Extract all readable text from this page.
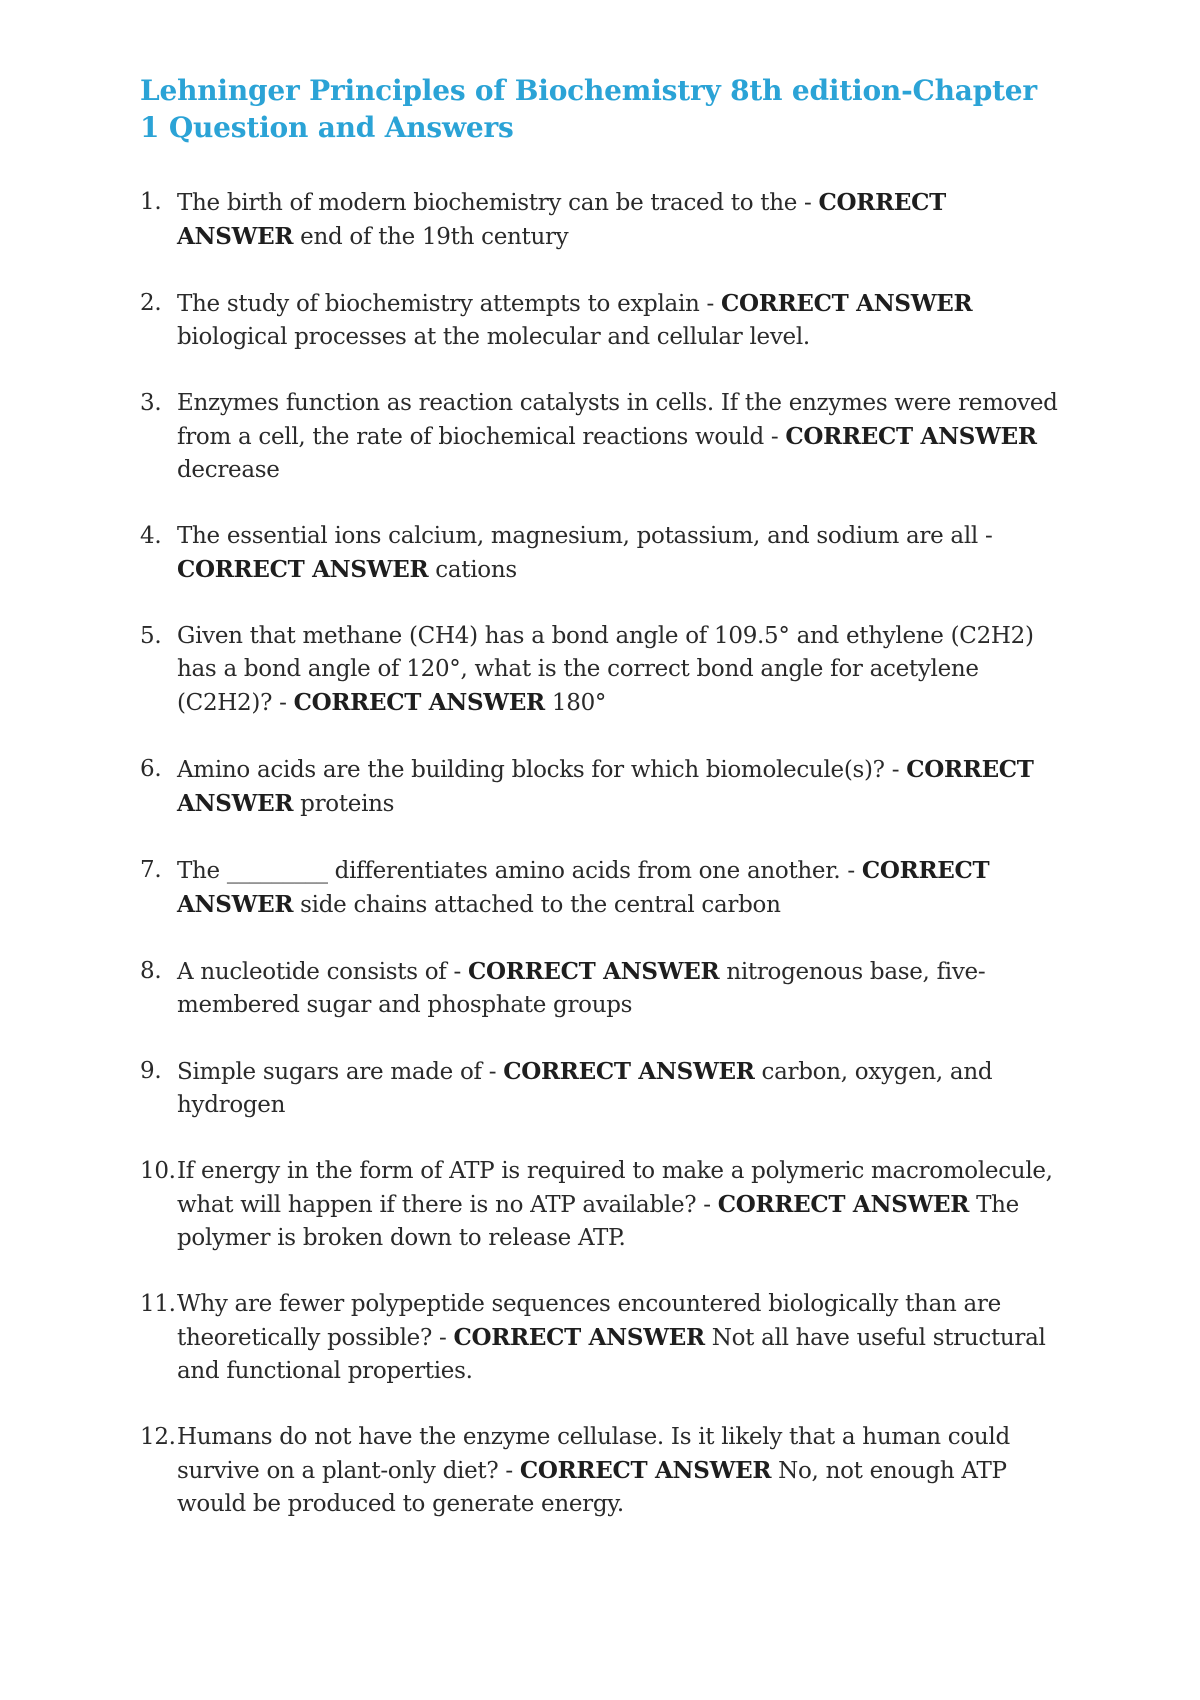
Lehninger Principles of Biochemistry 8th edition-Chapter 1 Question and Answers
1. The birth of modern biochemistry can be traced to the - CORRECT ANSWER end of the 19th century
2. The study of biochemistry attempts to explain - CORRECT ANSWER biological processes at the molecular and cellular level.
3. Enzymes function as reaction catalysts in cells. If the enzymes were removed from a cell, the rate of biochemical reactions would - CORRECT ANSWER decrease
4. The essential ions calcium, magnesium, potassium, and sodium are all - CORRECT ANSWER cations
5. Given that methane (CH4) has a bond angle of 109.5° and ethylene (C2H2) has a bond angle of 120°, what is the correct bond angle for acetylene (C2H2)? - CORRECT ANSWER 180°
6. Amino acids are the building blocks for which biomolecule(s)? - CORRECT ANSWER proteins
7. The _________ differentiates amino acids from one another. - CORRECT ANSWER side chains attached to the central carbon
8. A nucleotide consists of - CORRECT ANSWER nitrogenous base, five-membered sugar and phosphate groups
9. Simple sugars are made of - CORRECT ANSWER carbon, oxygen, and hydrogen
10. If energy in the form of ATP is required to make a polymeric macromolecule, what will happen if there is no ATP available? - CORRECT ANSWER The polymer is broken down to release ATP.
11. Why are fewer polypeptide sequences encountered biologically than are theoretically possible? - CORRECT ANSWER Not all have useful structural and functional properties.
12. Humans do not have the enzyme cellulase. Is it likely that a human could survive on a plant-only diet? - CORRECT ANSWER No, not enough ATP would be produced to generate energy.
